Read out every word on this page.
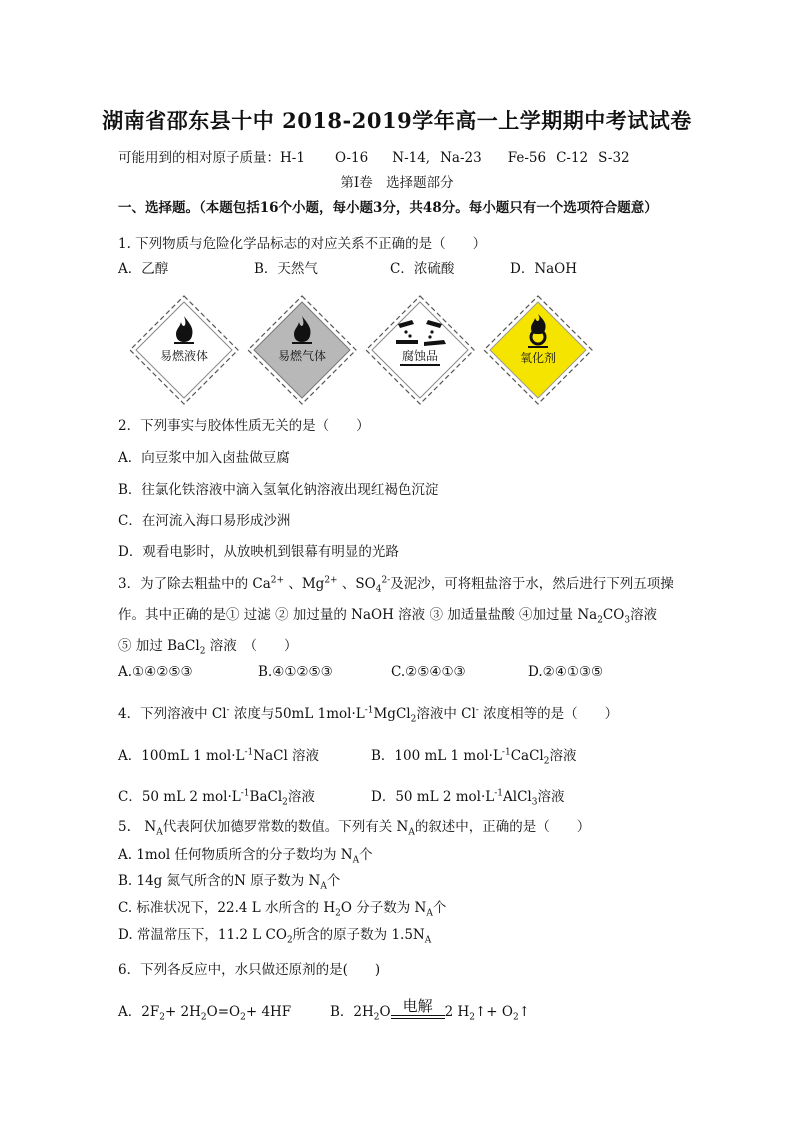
湖南省邵东县十中 2018-2019学年高一上学期期中考试试卷
可能用到的相对原子质量：H-1 O-16 N-14, Na-23 Fe-56 C-12 S-32
第Ⅰ卷　选择题部分
一、选择题。（本题包括16个小题，每小题3分，共48分。每小题只有一个选项符合题意）
1. 下列物质与危险化学品标志的对应关系不正确的是（　　）
A．乙醇	B．天然气	C．浓硫酸	D．NaOH
易燃液体	易燃气体	腐蚀品	氧化剂
2．下列事实与胶体性质无关的是（　　）
A．向豆浆中加入卤盐做豆腐
B．往氯化铁溶液中滴入氢氧化钠溶液出现红褐色沉淀
C．在河流入海口易形成沙洲
D．观看电影时，从放映机到银幕有明显的光路
3．为了除去粗盐中的 $Ca^{2+}$ 、$Mg^{2+}$ 、$SO_4^{2-}$及泥沙，可将粗盐溶于水，然后进行下列五项操
作。其中正确的是① 过滤 ② 加过量的 NaOH 溶液 ③ 加适量盐酸 ④加过量 $Na_2CO_3$溶液
⑤ 加过 BaCl$_2$ 溶液　（　　）
A.①④②⑤③	B.④①②⑤③	C.②⑤④①③	D.②④①③⑤
4．下列溶液中 Cl- 浓度与50mL $1mol\cdot L^{-1}MgCl_2$溶液中 Cl- 浓度相等的是（　　）
A．100mL 1 $mol\cdot L^{-1}NaCl$ 溶液	B．100 mL 1 $mol\cdot L^{-1}CaCl_2$溶液
C．50 mL 2 $mol\cdot L^{-1}BaCl_2$溶液	D．50 mL 2 $mol\cdot L^{-1}AlCl_3$溶液
5.　$N_A$代表阿伏加德罗常数的数值。下列有关 $N_A$的叙述中，正确的是（　　）
A. 1mol 任何物质所含的分子数均为 $N_A$个
B. 14g 氮气所含的N 原子数为 $N_A$个
C. 标准状况下，22.4 L 水所含的 $H_2O$ 分子数为 $N_A$个
D. 常温常压下，11.2 L $CO_2$所含的原子数为 $1.5N_A$
6．下列各反应中，水只做还原剂的是(　　)
A．$2F_2+ 2H_2O=O_2+ 4HF$	B．$2H_2O$ 电解 2 $H_2↑+$ $O_2↑$
